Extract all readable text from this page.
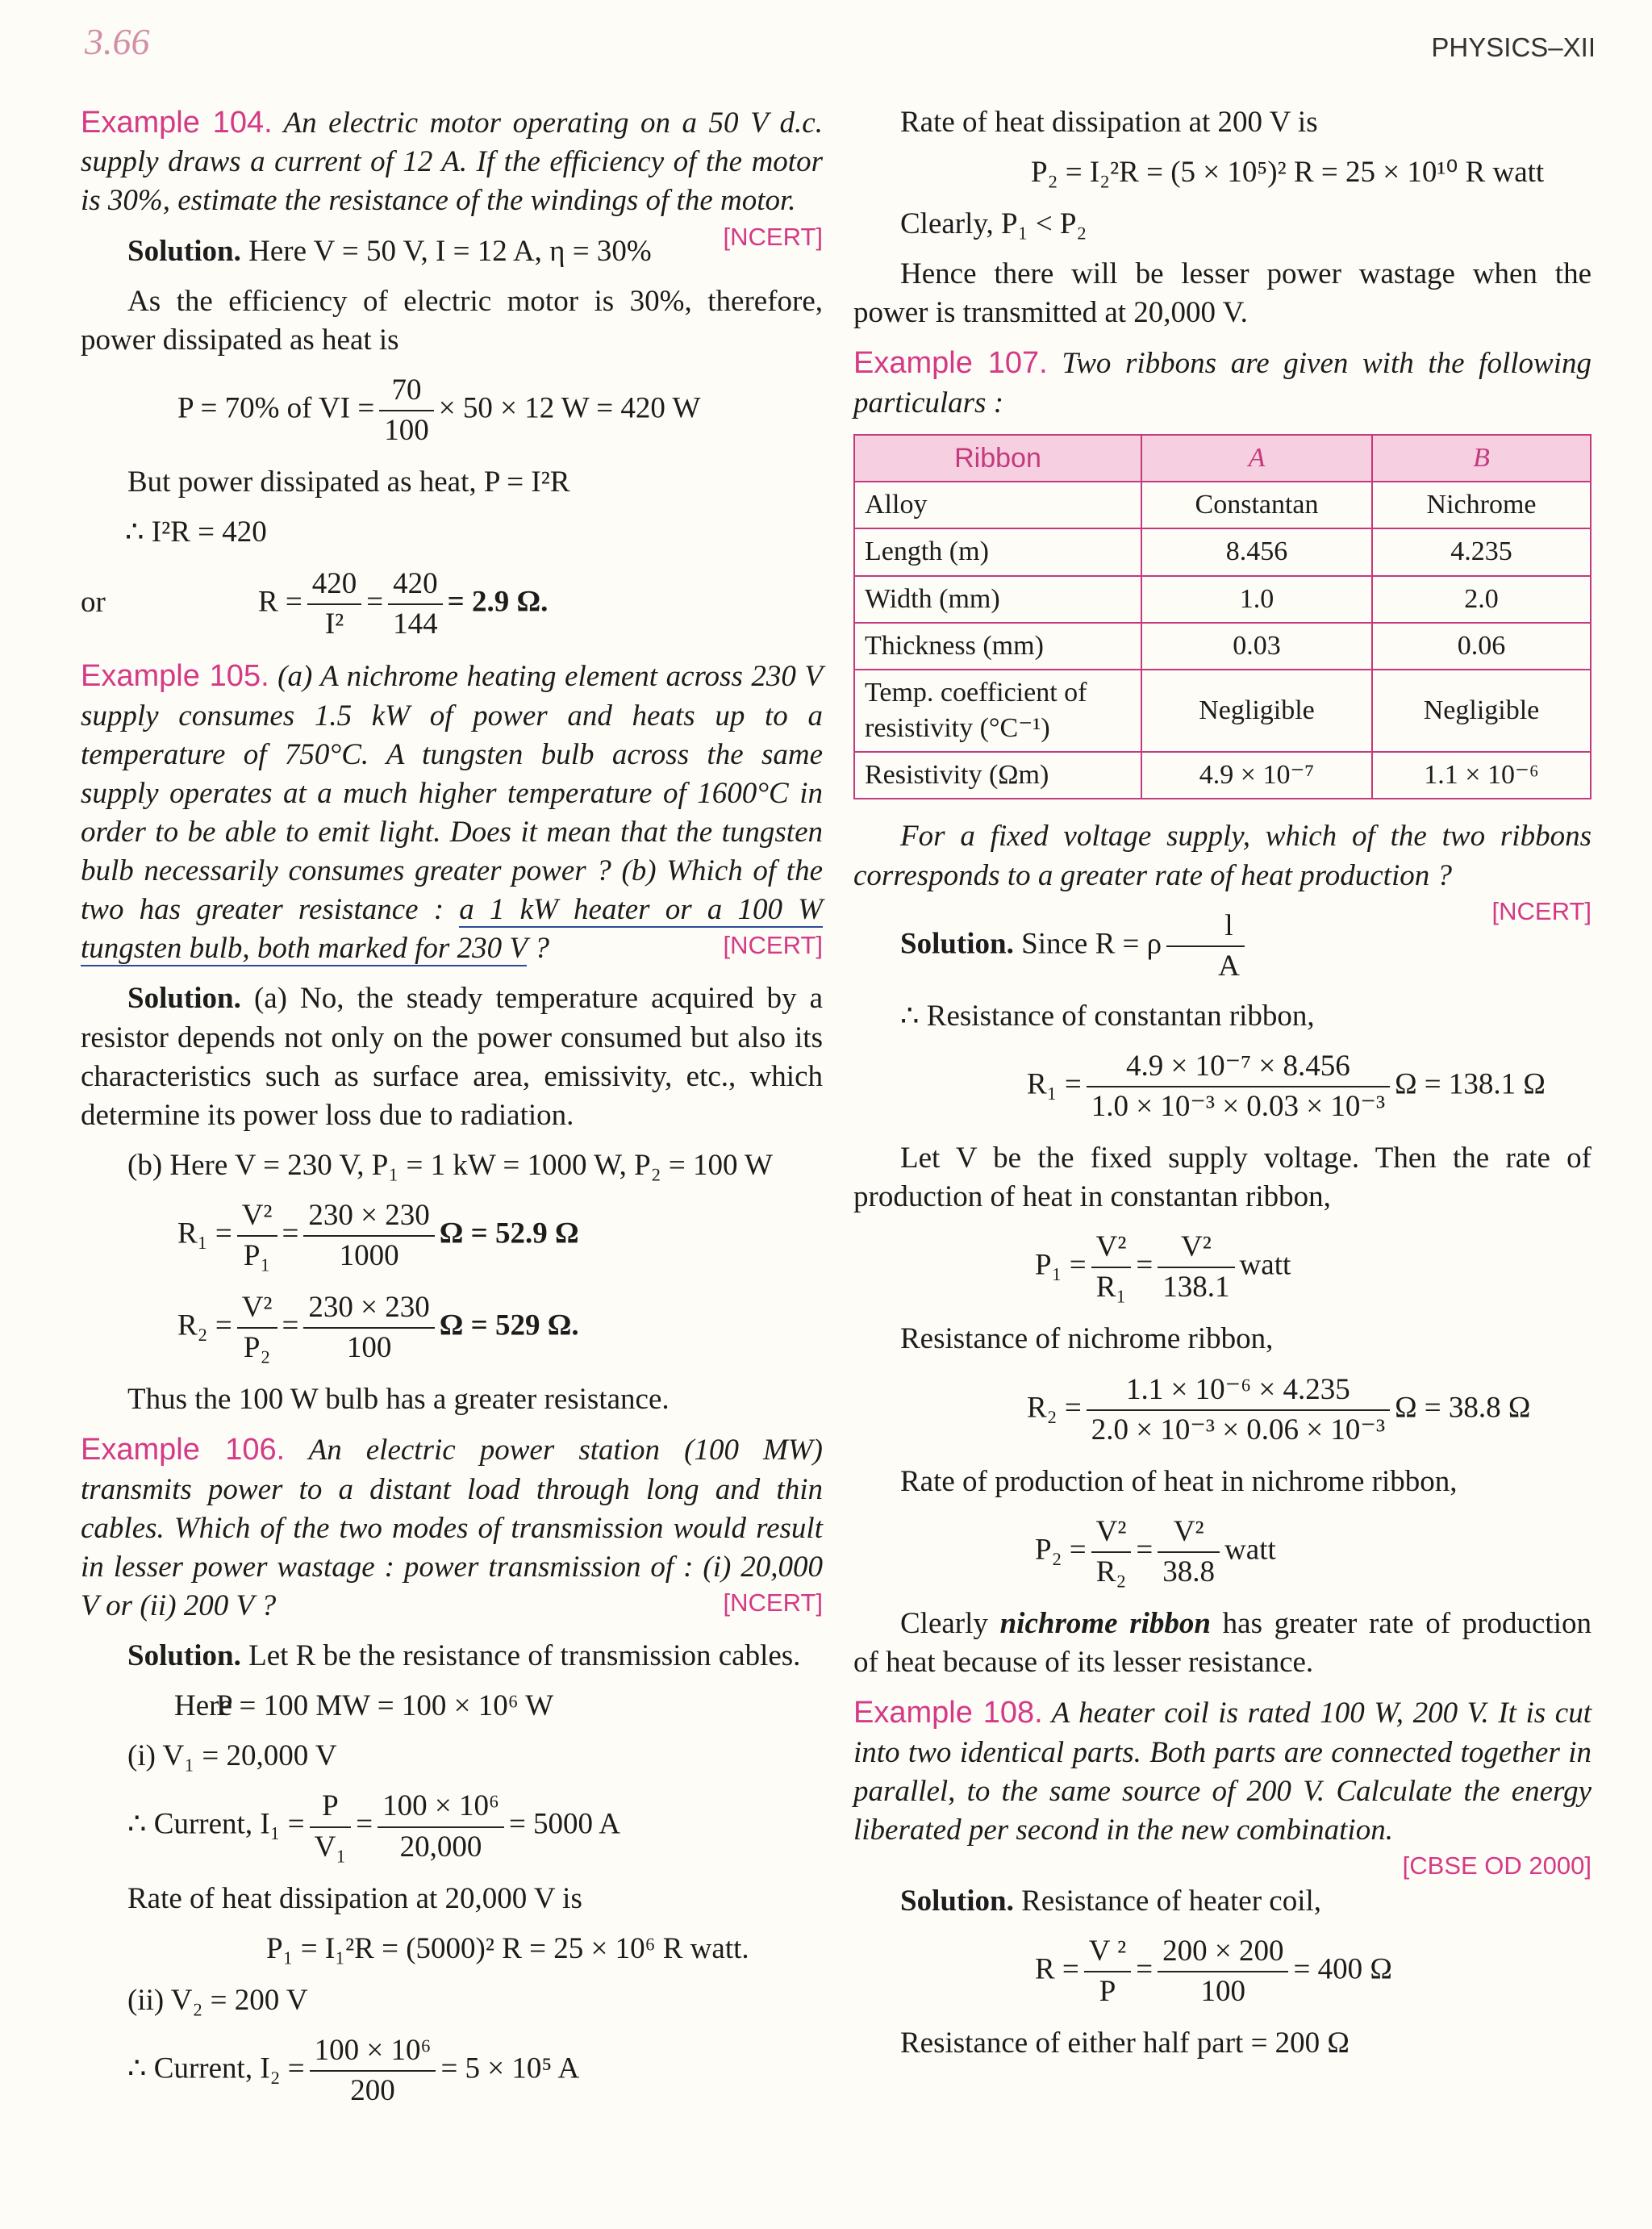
3.66	PHYSICS–XII

Example 104. An electric motor operating on a 50 V d.c. supply draws a current of 12 A. If the efficiency of the motor is 30%, estimate the resistance of the windings of the motor.
[NCERT]

Solution. Here V = 50 V, I = 12 A, η = 30%

As the efficiency of electric motor is 30%, therefore, power dissipated as heat is

P = 70% of VI = $\frac{70}{100} \times 50 \times 12$ W = 420 W

But power dissipated as heat, P = I²R

∴ I²R = 420
or	$R = \frac{420}{\text{I²}} = \frac{420}{144} = 2.9$ Ω.

Example 105. (a) A nichrome heating element across 230 V supply consumes 1.5 kW of power and heats up to a temperature of 750°C. A tungsten bulb across the same supply operates at a much higher temperature of 1600°C in order to be able to emit light. Does it mean that the tungsten bulb necessarily consumes greater power ? (b) Which of the two has greater resistance : a 1 kW heater or a 100 W tungsten bulb, both marked for 230 V ?	[NCERT]

Solution. (a) No, the steady temperature acquired by a resistor depends not only on the power consumed but also its characteristics such as surface area, emissivity, etc., which determine its power loss due to radiation.

(b) Here V = 230 V, P₁ = 1 kW = 1000 W, P₂ = 100 W

$R_1 = \frac{\text{V²}}{\text{P₁}} = \frac{230 \times 230}{1000}$ Ω = 52.9 Ω
$R_2 = \frac{\text{V²}}{\text{P₂}} = \frac{230 \times 230}{100}$ Ω = 529 Ω.

Thus the 100 W bulb has a greater resistance.

Example 106. An electric power station (100 MW) transmits power to a distant load through long and thin cables. Which of the two modes of transmission would result in lesser power wastage : power transmission of : (i) 20,000 V or (ii) 200 V ?	[NCERT]

Solution. Let R be the resistance of transmission cables.

HereP = 100 MW = 100 × 10⁶ W

(i) V₁ = 20,000 V

∴ Current, $I_1 = \frac{P}{\text{V₁}} = \frac{\text{100 × 10⁶}}{20,000} = 5000$ A

Rate of heat dissipation at 20,000 V is

P₁ = I₁²R = (5000)² R = 25 × 10⁶ R watt.

(ii) V₂ = 200 V

∴ Current, $I_2 = \frac{\text{100 × 10⁶}}{200} = 5 \times 10^5$ A

Rate of heat dissipation at 200 V is

P₂ = I₂²R = (5 × 10⁵)² R = 25 × 10¹⁰ R watt

Clearly, P₁ < P₂

Hence there will be lesser power wastage when the power is transmitted at 20,000 V.

Example 107. Two ribbons are given with the following particulars :

Ribbon	A	B
Alloy	Constantan	Nichrome
Length (m)	8.456	4.235
Width (mm)	1.0	2.0
Thickness (mm)	0.03	0.06
Temp. coefficient of resistivity (°C⁻¹)	Negligible	Negligible
Resistivity (Ωm)	4.9 × 10⁻⁷	1.1 × 10⁻⁶

For a fixed voltage supply, which of the two ribbons corresponds to a greater rate of heat production ?
[NCERT]

Solution. Since R = ρ $\frac{l}{A}$

∴ Resistance of constantan ribbon,

$R_1 = \frac{\text{4.9 × 10⁻⁷ × 8.456}}{\text{1.0 × 10⁻³ × 0.03 × 10⁻³}}$ Ω = 138.1 Ω

Let V be the fixed supply voltage. Then the rate of production of heat in constantan ribbon,

$P_1 = \frac{\text{V²}}{\text{R₁}} = \frac{\text{V²}}{138.1}$ watt

Resistance of nichrome ribbon,

$R_2 = \frac{\text{1.1 × 10⁻⁶ × 4.235}}{\text{2.0 × 10⁻³ × 0.06 × 10⁻³}}$ Ω = 38.8 Ω

Rate of production of heat in nichrome ribbon,

$P_2 = \frac{\text{V²}}{\text{R₂}} = \frac{\text{V²}}{38.8}$ watt

Clearly nichrome ribbon has greater rate of production of heat because of its lesser resistance.

Example 108. A heater coil is rated 100 W, 200 V. It is cut into two identical parts. Both parts are connected together in parallel, to the same source of 200 V. Calculate the energy liberated per second in the new combination.

[CBSE OD 2000]

Solution. Resistance of heater coil,

$R = \frac{\text{V ²}}{P} = \frac{200 \times 200}{100} = 400$ Ω

Resistance of either half part = 200 Ω
